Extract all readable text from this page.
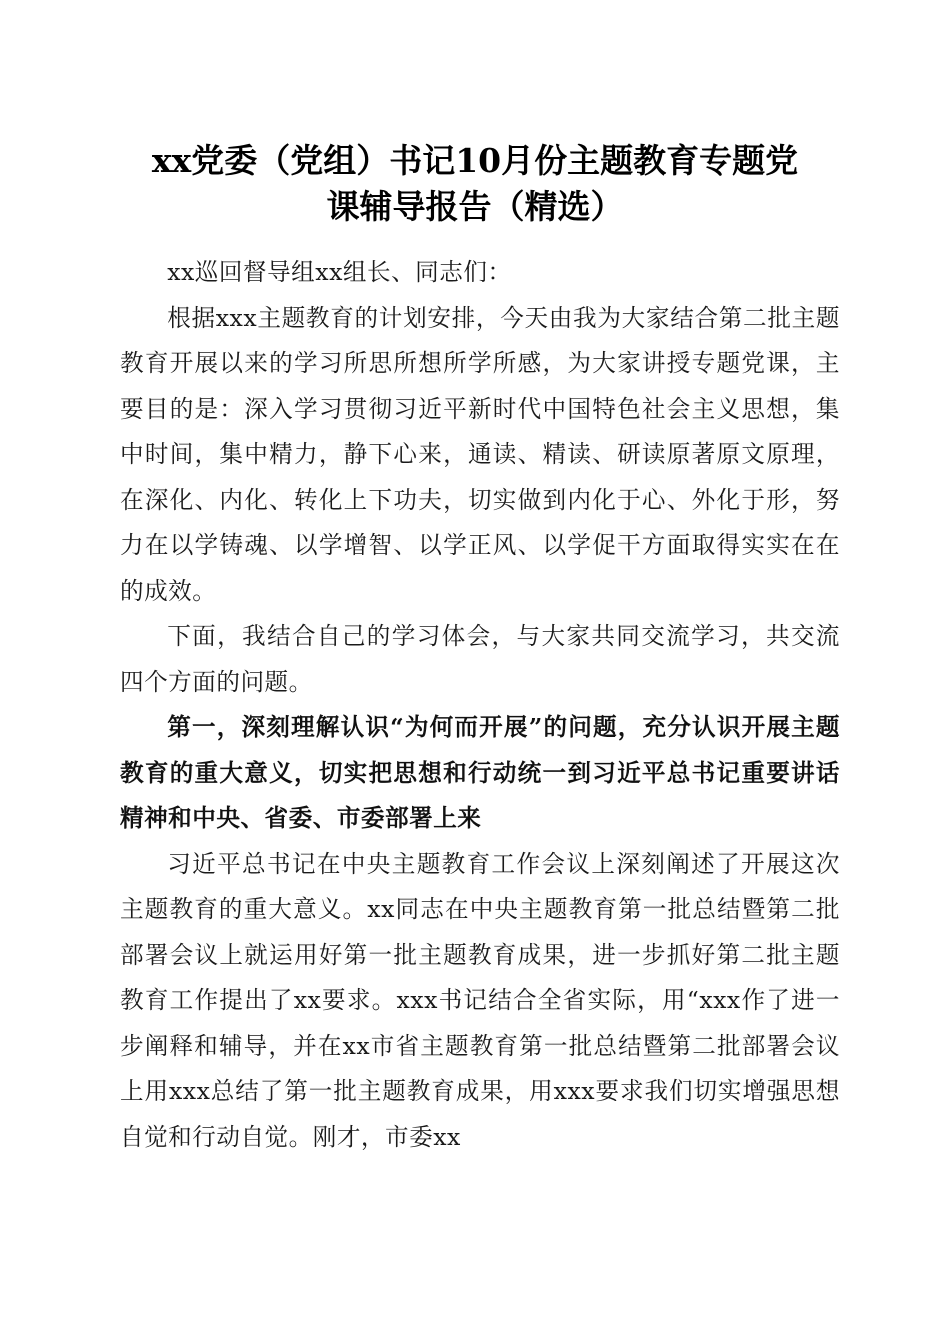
xx党委（党组）书记10月份主题教育专题党
课辅导报告（精选）

xx巡回督导组xx组长、同志们：

根据xxx主题教育的计划安排，今天由我为大家结合第二批主题教育开展以来的学习所思所想所学所感，为大家讲授专题党课，主要目的是：深入学习贯彻习近平新时代中国特色社会主义思想，集中时间，集中精力，静下心来，通读、精读、研读原著原文原理，在深化、内化、转化上下功夫，切实做到内化于心、外化于形，努力在以学铸魂、以学增智、以学正风、以学促干方面取得实实在在的成效。

下面，我结合自己的学习体会，与大家共同交流学习，共交流四个方面的问题。

第一，深刻理解认识“为何而开展”的问题，充分认识开展主题教育的重大意义，切实把思想和行动统一到习近平总书记重要讲话精神和中央、省委、市委部署上来

习近平总书记在中央主题教育工作会议上深刻阐述了开展这次主题教育的重大意义。xx同志在中央主题教育第一批总结暨第二批部署会议上就运用好第一批主题教育成果，进一步抓好第二批主题教育工作提出了xx要求。xxx书记结合全省实际，用“xxx作了进一步阐释和辅导，并在xx市省主题教育第一批总结暨第二批部署会议上用xxx总结了第一批主题教育成果，用xxx要求我们切实增强思想自觉和行动自觉。刚才，市委xx
